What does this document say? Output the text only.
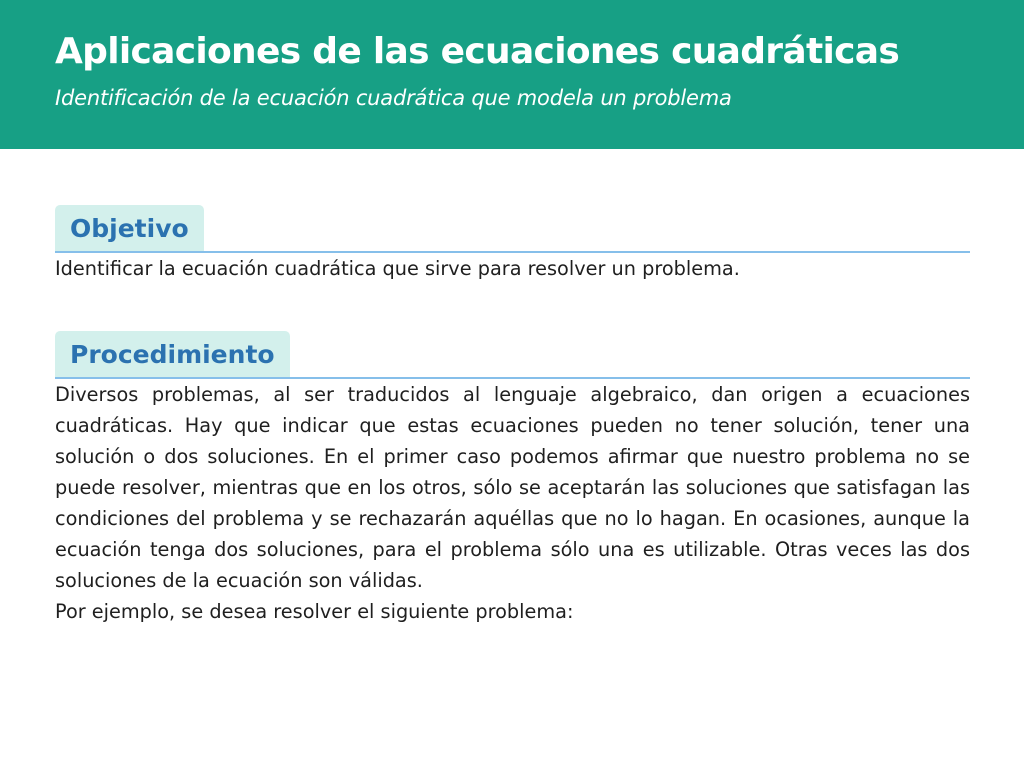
Aplicaciones de las ecuaciones cuadráticas
Identificación de la ecuación cuadrática que modela un problema
Objetivo

Identificar la ecuación cuadrática que sirve para resolver un problema.

Procedimiento

Diversos problemas, al ser traducidos al lenguaje algebraico, dan origen a ecuaciones cuadráticas. Hay que indicar que estas ecuaciones pueden no tener solución, tener una solución o dos soluciones. En el primer caso podemos afirmar que nuestro problema no se puede resolver, mientras que en los otros, sólo se aceptarán las soluciones que satisfagan las condiciones del problema y se rechazarán aquéllas que no lo hagan. En ocasiones, aunque la ecuación tenga dos soluciones, para el problema sólo una es utilizable. Otras veces las dos soluciones de la ecuación son válidas.

Por ejemplo, se desea resolver el siguiente problema:
